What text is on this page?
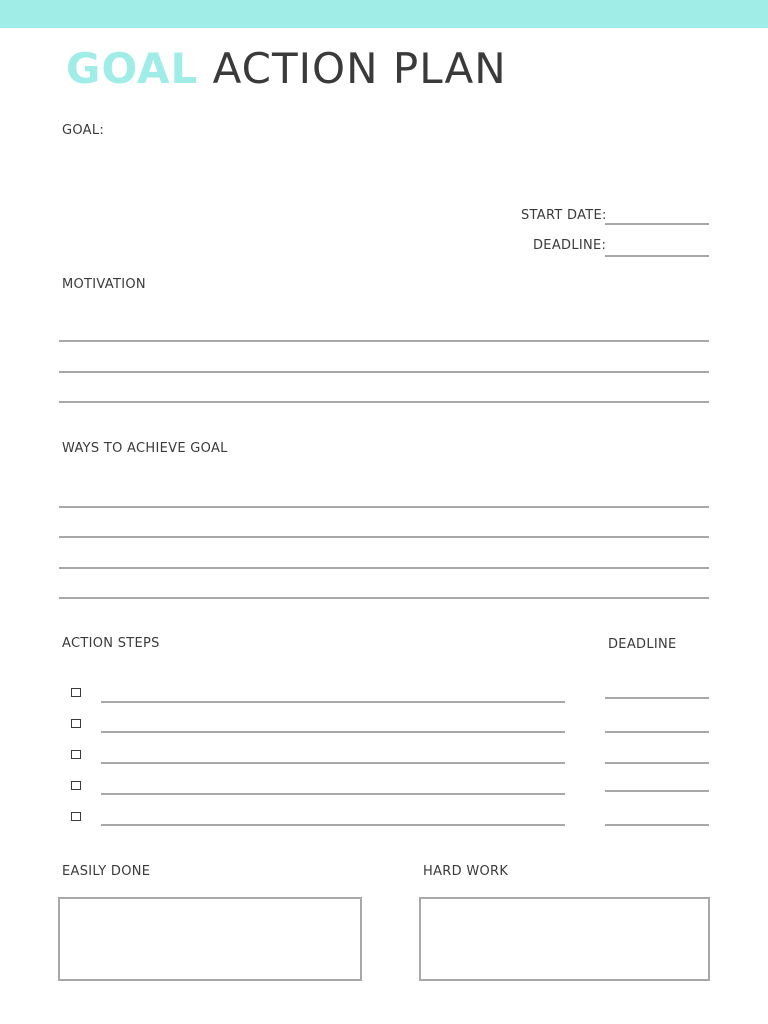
GOAL ACTION PLAN
GOAL:
START DATE:
DEADLINE:
MOTIVATION
WAYS TO ACHIEVE GOAL
ACTION STEPS	DEADLINE
EASILY DONE	HARD WORK
